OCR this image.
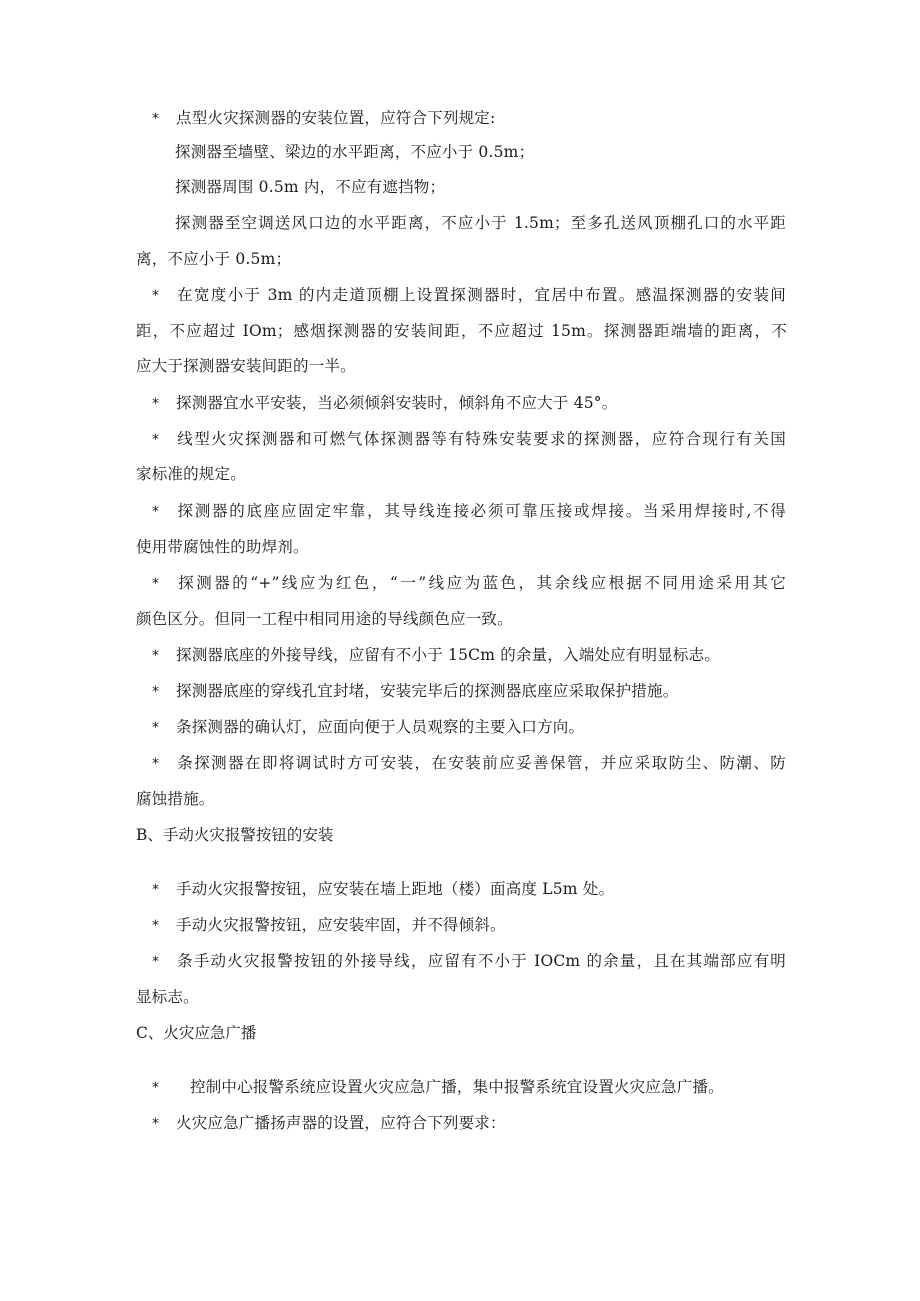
* 点型火灾探测器的安装位置，应符合下列规定:
探测器至墙壁、梁边的水平距离，不应小于 0.5m；
探测器周围 0.5m 内，不应有遮挡物；
探测器至空调送风口边的水平距离，不应小于 1.5m；至多孔送风顶棚孔口的水平距
离，不应小于 0.5m；
* 在宽度小于 3m 的内走道顶棚上设置探测器时，宜居中布置。感温探测器的安装间
距，不应超过 IOm；感烟探测器的安装间距，不应超过 15m。探测器距端墙的距离，不
应大于探测器安装间距的一半。
* 探测器宜水平安装，当必须倾斜安装时，倾斜角不应大于 45°。
* 线型火灾探测器和可燃气体探测器等有特殊安装要求的探测器，应符合现行有关国
家标准的规定。
* 探测器的底座应固定牢靠，其导线连接必须可靠压接或焊接。当采用焊接时,不得
使用带腐蚀性的助焊剂。
* 探测器的“+”线应为红色，“一”线应为蓝色，其余线应根据不同用途采用其它
颜色区分。但同一工程中相同用途的导线颜色应一致。
* 探测器底座的外接导线，应留有不小于 15Cm 的余量，入端处应有明显标志。
* 探测器底座的穿线孔宜封堵，安装完毕后的探测器底座应采取保护措施。
* 条探测器的确认灯，应面向便于人员观察的主要入口方向。
* 条探测器在即将调试时方可安装，在安装前应妥善保管，并应采取防尘、防潮、防
腐蚀措施。
B、手动火灾报警按钮的安装
* 手动火灾报警按钮，应安装在墙上距地（楼）面高度 L5m 处。
* 手动火灾报警按钮，应安装牢固，并不得倾斜。
* 条手动火灾报警按钮的外接导线，应留有不小于 IOCm 的余量，且在其端部应有明
显标志。
C、火灾应急广播
* 控制中心报警系统应设置火灾应急广播，集中报警系统宜设置火灾应急广播。
* 火灾应急广播扬声器的设置，应符合下列要求：
